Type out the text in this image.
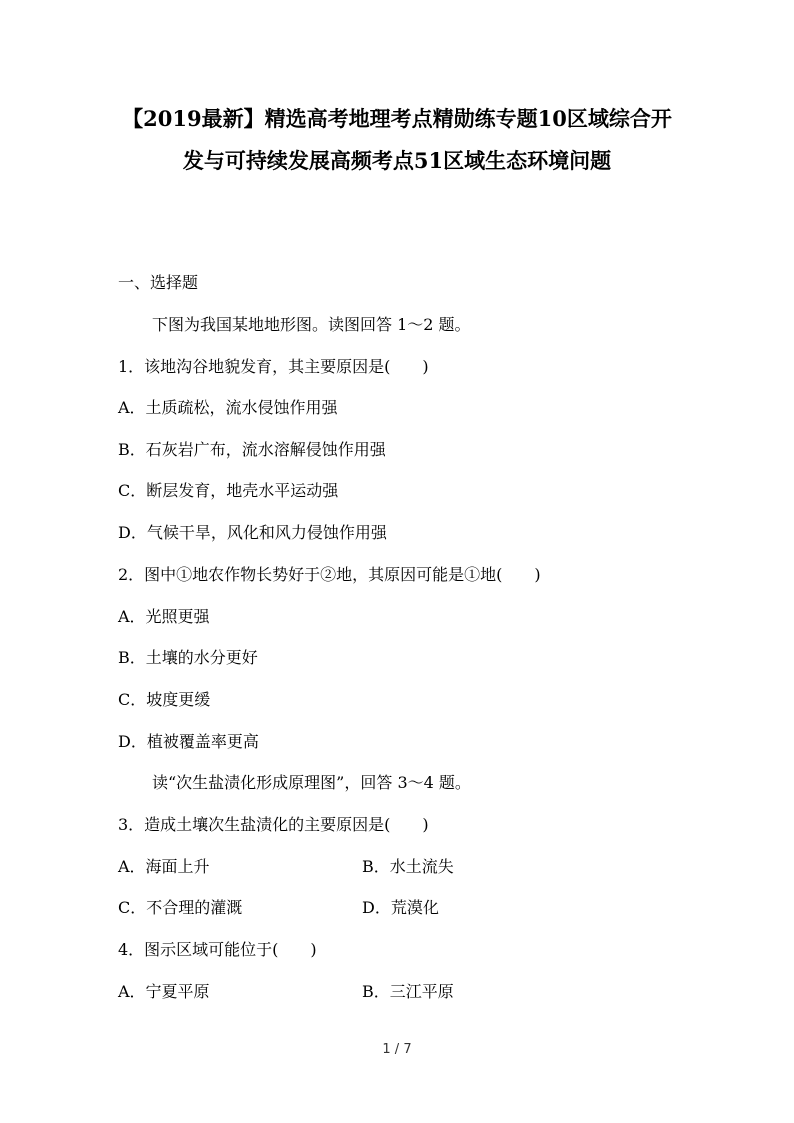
【2019最新】精选高考地理考点精勋练专题10区域综合开
发与可持续发展高频考点51区域生态环境问题

一、选择题

下图为我国某地地形图。读图回答 1～2 题。

1．该地沟谷地貌发育，其主要原因是(　　)

A．土质疏松，流水侵蚀作用强

B．石灰岩广布，流水溶解侵蚀作用强

C．断层发育，地壳水平运动强

D．气候干旱，风化和风力侵蚀作用强

2．图中①地农作物长势好于②地，其原因可能是①地(　　)

A．光照更强

B．土壤的水分更好

C．坡度更缓

D．植被覆盖率更高

读“次生盐渍化形成原理图”，回答 3～4 题。

3．造成土壤次生盐渍化的主要原因是(　　)

A．海面上升	B．水土流失

C．不合理的灌溉	D．荒漠化

4．图示区域可能位于(　　)

A．宁夏平原	B．三江平原

1 / 7
